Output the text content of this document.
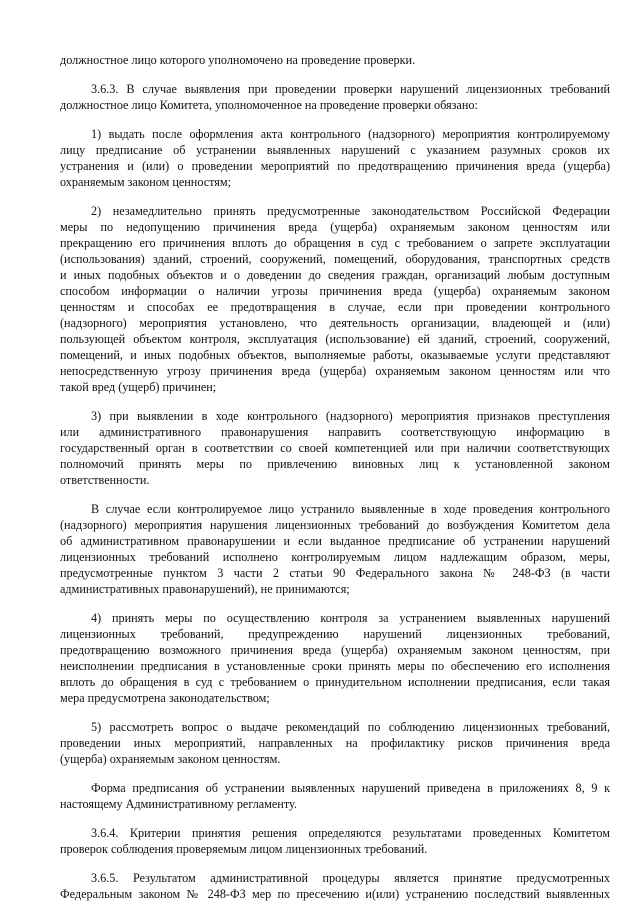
должностное лицо которого уполномочено на проведение проверки.
3.6.3. В случае выявления при проведении проверки нарушений лицензионных требований
должностное лицо Комитета, уполномоченное на проведение проверки обязано:
1) выдать после оформления акта контрольного (надзорного) мероприятия контролируемому
лицу предписание об устранении выявленных нарушений с указанием разумных сроков их
устранения и (или) о проведении мероприятий по предотвращению причинения вреда (ущерба)
охраняемым законом ценностям;
2) незамедлительно принять предусмотренные законодательством Российской Федерации
меры по недопущению причинения вреда (ущерба) охраняемым законом ценностям или
прекращению его причинения вплоть до обращения в суд с требованием о запрете эксплуатации
(использования) зданий, строений, сооружений, помещений, оборудования, транспортных средств
и иных подобных объектов и о доведении до сведения граждан, организаций любым доступным
способом информации о наличии угрозы причинения вреда (ущерба) охраняемым законом
ценностям и способах ее предотвращения в случае, если при проведении контрольного
(надзорного) мероприятия установлено, что деятельность организации, владеющей и (или)
пользующей объектом контроля, эксплуатация (использование) ей зданий, строений, сооружений,
помещений, и иных подобных объектов, выполняемые работы, оказываемые услуги представляют
непосредственную угрозу причинения вреда (ущерба) охраняемым законом ценностям или что
такой вред (ущерб) причинен;
3) при выявлении в ходе контрольного (надзорного) мероприятия признаков преступления
или административного правонарушения направить соответствующую информацию в
государственный орган в соответствии со своей компетенцией или при наличии соответствующих
полномочий принять меры по привлечению виновных лиц к установленной законом
ответственности.
В случае если контролируемое лицо устранило выявленные в ходе проведения контрольного
(надзорного) мероприятия нарушения лицензионных требований до возбуждения Комитетом дела
об административном правонарушении и если выданное предписание об устранении нарушений
лицензионных требований исполнено контролируемым лицом надлежащим образом, меры,
предусмотренные пунктом 3 части 2 статьи 90 Федерального закона № 248-ФЗ (в части
административных правонарушений), не принимаются;
4) принять меры по осуществлению контроля за устранением выявленных нарушений
лицензионных требований, предупреждению нарушений лицензионных требований,
предотвращению возможного причинения вреда (ущерба) охраняемым законом ценностям, при
неисполнении предписания в установленные сроки принять меры по обеспечению его исполнения
вплоть до обращения в суд с требованием о принудительном исполнении предписания, если такая
мера предусмотрена законодательством;
5) рассмотреть вопрос о выдаче рекомендаций по соблюдению лицензионных требований,
проведении иных мероприятий, направленных на профилактику рисков причинения вреда
(ущерба) охраняемым законом ценностям.
Форма предписания об устранении выявленных нарушений приведена в приложениях 8, 9 к
настоящему Административному регламенту.
3.6.4. Критерии принятия решения определяются результатами проведенных Комитетом
проверок соблюдения проверяемым лицом лицензионных требований.
3.6.5. Результатом административной процедуры является принятие предусмотренных
Федеральным законом № 248-ФЗ мер по пресечению и(или) устранению последствий выявленных
